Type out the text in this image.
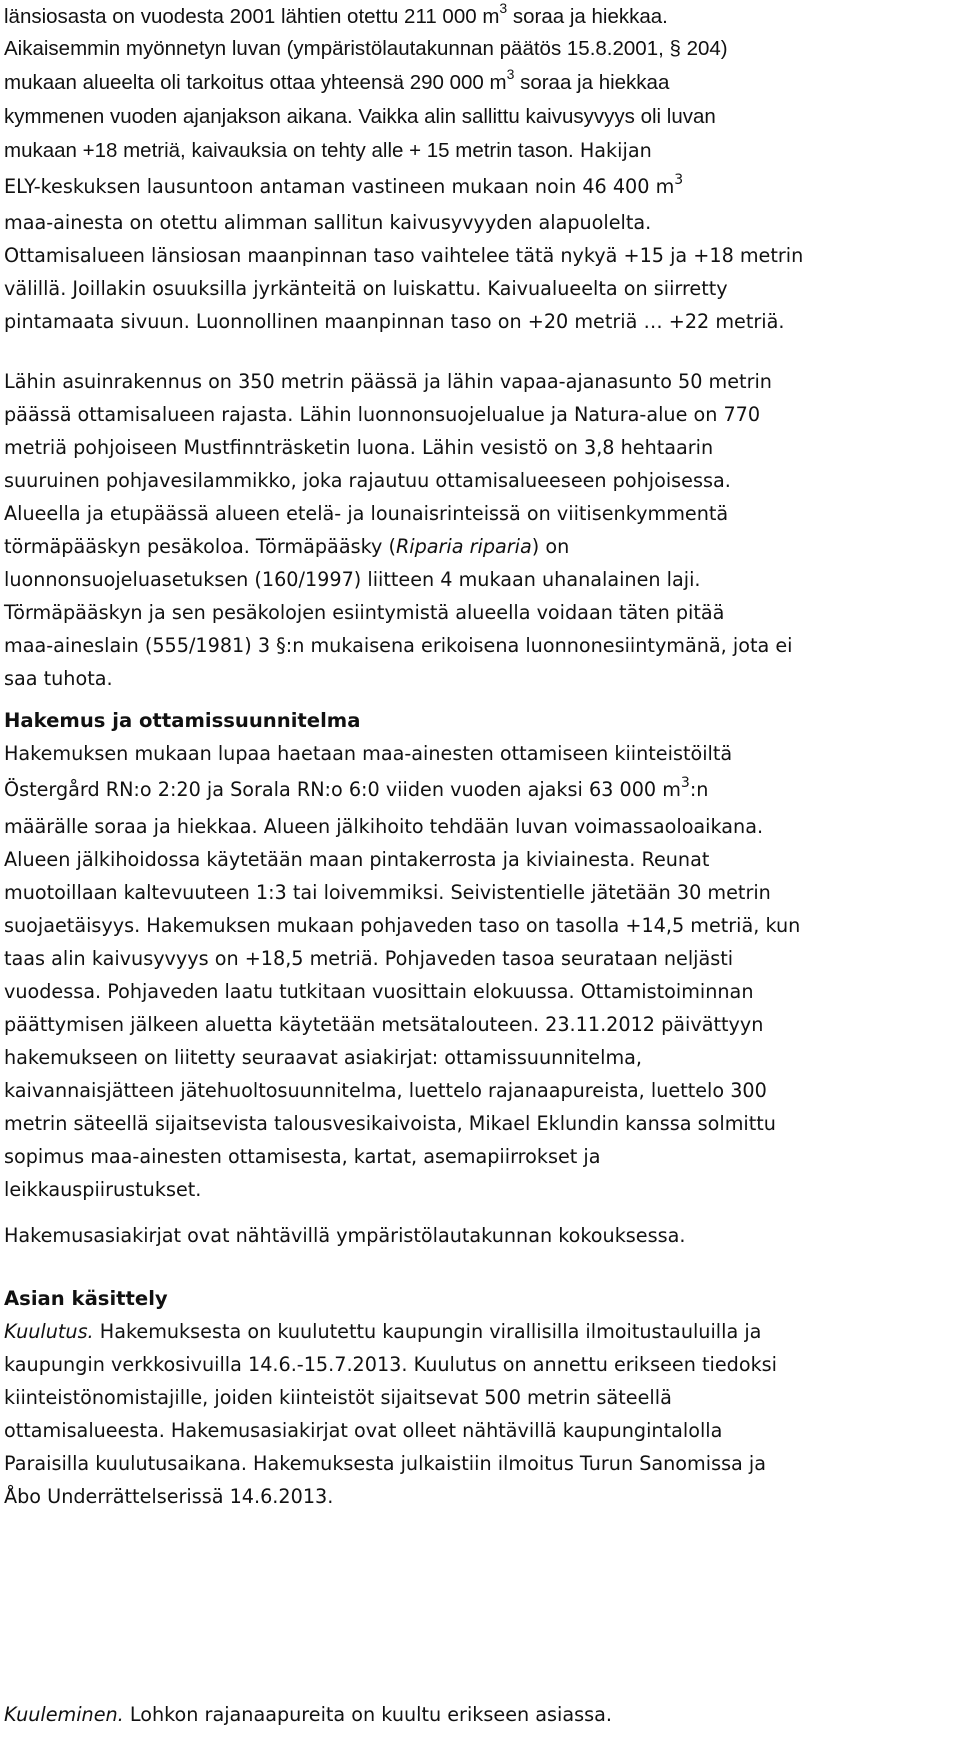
länsiosasta on vuodesta 2001 lähtien otettu 211 000 $m^3$ soraa ja hiekkaa.

Aikaisemmin myönnetyn luvan (ympäristölautakunnan päätös 15.8.2001, § 204)

mukaan alueelta oli tarkoitus ottaa yhteensä 290 000 $m^3$ soraa ja hiekkaa

kymmenen vuoden ajanjakson aikana. Vaikka alin sallittu kaivusyvyys oli luvan

mukaan +18 metriä, kaivauksia on tehty alle + 15 metrin tason. Hakijan

ELY-keskuksen lausuntoon antaman vastineen mukaan noin 46 400 $m^3$

maa-ainesta on otettu alimman sallitun kaivusyvyyden alapuolelta.

Ottamisalueen länsiosan maanpinnan taso vaihtelee tätä nykyä +15 ja +18 metrin

välillä. Joillakin osuuksilla jyrkänteitä on luiskattu. Kaivualueelta on siirretty

pintamaata sivuun. Luonnollinen maanpinnan taso on +20 metriä … +22 metriä.

Lähin asuinrakennus on 350 metrin päässä ja lähin vapaa-ajanasunto 50 metrin

päässä ottamisalueen rajasta. Lähin luonnonsuojelualue ja Natura-alue on 770

metriä pohjoiseen Mustfinnträsketin luona. Lähin vesistö on 3,8 hehtaarin

suuruinen pohjavesilammikko, joka rajautuu ottamisalueeseen pohjoisessa.

Alueella ja etupäässä alueen etelä- ja lounaisrinteissä on viitisenkymmentä

törmäpääskyn pesäkoloa. Törmäpääsky (Riparia riparia) on

luonnonsuojeluasetuksen (160/1997) liitteen 4 mukaan uhanalainen laji.

Törmäpääskyn ja sen pesäkolojen esiintymistä alueella voidaan täten pitää

maa-aineslain (555/1981) 3 §:n mukaisena erikoisena luonnonesiintymänä, jota ei

saa tuhota.

Hakemus ja ottamissuunnitelma

Hakemuksen mukaan lupaa haetaan maa-ainesten ottamiseen kiinteistöiltä

Östergård RN:o 2:20 ja Sorala RN:o 6:0 viiden vuoden ajaksi 63 000 $m^3:n$

määrälle soraa ja hiekkaa. Alueen jälkihoito tehdään luvan voimassaoloaikana.

Alueen jälkihoidossa käytetään maan pintakerrosta ja kiviainesta. Reunat

muotoillaan kaltevuuteen 1:3 tai loivemmiksi. Seivistentielle jätetään 30 metrin

suojaetäisyys. Hakemuksen mukaan pohjaveden taso on tasolla +14,5 metriä, kun

taas alin kaivusyvyys on +18,5 metriä. Pohjaveden tasoa seurataan neljästi

vuodessa. Pohjaveden laatu tutkitaan vuosittain elokuussa. Ottamistoiminnan

päättymisen jälkeen aluetta käytetään metsätalouteen. 23.11.2012 päivättyyn

hakemukseen on liitetty seuraavat asiakirjat: ottamissuunnitelma,

kaivannaisjätteen jätehuoltosuunnitelma, luettelo rajanaapureista, luettelo 300

metrin säteellä sijaitsevista talousvesikaivoista, Mikael Eklundin kanssa solmittu

sopimus maa-ainesten ottamisesta, kartat, asemapiirrokset ja

leikkauspiirustukset.

Hakemusasiakirjat ovat nähtävillä ympäristölautakunnan kokouksessa.

Asian käsittely

Kuulutus. Hakemuksesta on kuulutettu kaupungin virallisilla ilmoitustauluilla ja

kaupungin verkkosivuilla 14.6.-15.7.2013. Kuulutus on annettu erikseen tiedoksi

kiinteistönomistajille, joiden kiinteistöt sijaitsevat 500 metrin säteellä

ottamisalueesta. Hakemusasiakirjat ovat olleet nähtävillä kaupungintalolla

Paraisilla kuulutusaikana. Hakemuksesta julkaistiin ilmoitus Turun Sanomissa ja

Åbo Underrättelserissä 14.6.2013.

Kuuleminen. Lohkon rajanaapureita on kuultu erikseen asiassa.
